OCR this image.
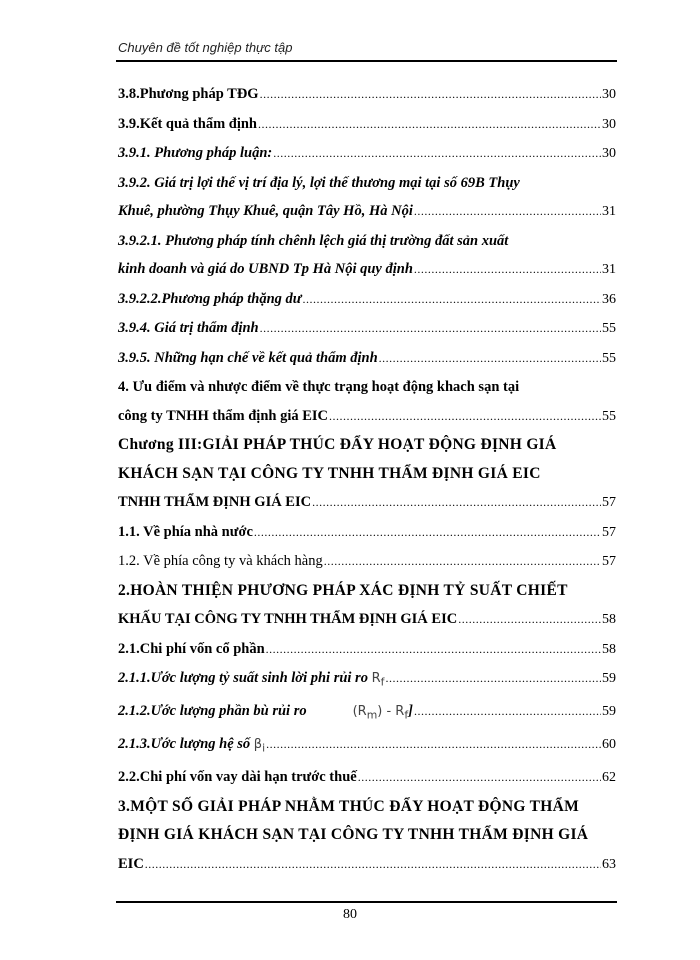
Chuyên đề tốt nghiệp thực tập
3.8.Phương pháp TĐG .....	30
3.9.Kết quả thẩm định .....	30
3.9.1. Phương pháp luận: .....	30
3.9.2. Giá trị lợi thế vị trí địa lý, lợi thế thương mại tại số 69B Thụy
Khuê, phường Thụy Khuê, quận Tây Hồ, Hà Nội .....	31
3.9.2.1. Phương pháp tính chênh lệch giá thị trường đất sản xuất
kinh doanh và giá do UBND Tp Hà Nội quy định .....	31
3.9.2.2.Phương pháp thặng dư .....	36
3.9.4. Giá trị thẩm định .....	55
3.9.5. Những hạn chế về kết quả thẩm định .....	55
4. Ưu điểm và nhược điểm về thực trạng hoạt động khach sạn tại
công ty TNHH thẩm định giá EIC .....	55
Chương III:GIẢI PHÁP THÚC ĐẨY HOẠT ĐỘNG ĐỊNH GIÁ
KHÁCH SẠN TẠI CÔNG TY TNHH THẨM ĐỊNH GIÁ EIC
TNHH THẨM ĐỊNH GIÁ EIC .....	57
1.1. Về phía nhà nước .....	57
1.2. Về phía công ty và khách hàng .....	57
2.HOÀN THIỆN PHƯƠNG PHÁP XÁC ĐỊNH TỶ SUẤT CHIẾT
KHẤU TẠI CÔNG TY TNHH THẨM ĐỊNH GIÁ EIC .....	58
2.1.Chi phí vốn cổ phần .....	58
2.1.1.Ước lượng tỷ suất sinh lời phi rủi ro $R_f$ .....	59
2.1.2.Ước lượng phần bù rủi ro	$(R_m) - R_f$] .....	59
2.1.3.Ước lượng hệ số $\beta_i$ .....	60
2.2.Chi phí vốn vay dài hạn trước thuế .....	62
3.MỘT SỐ GIẢI PHÁP NHẰM THÚC ĐẨY HOẠT ĐỘNG THẨM
ĐỊNH GIÁ KHÁCH SẠN TẠI CÔNG TY TNHH THẨM ĐỊNH GIÁ
EIC .....	63
80
